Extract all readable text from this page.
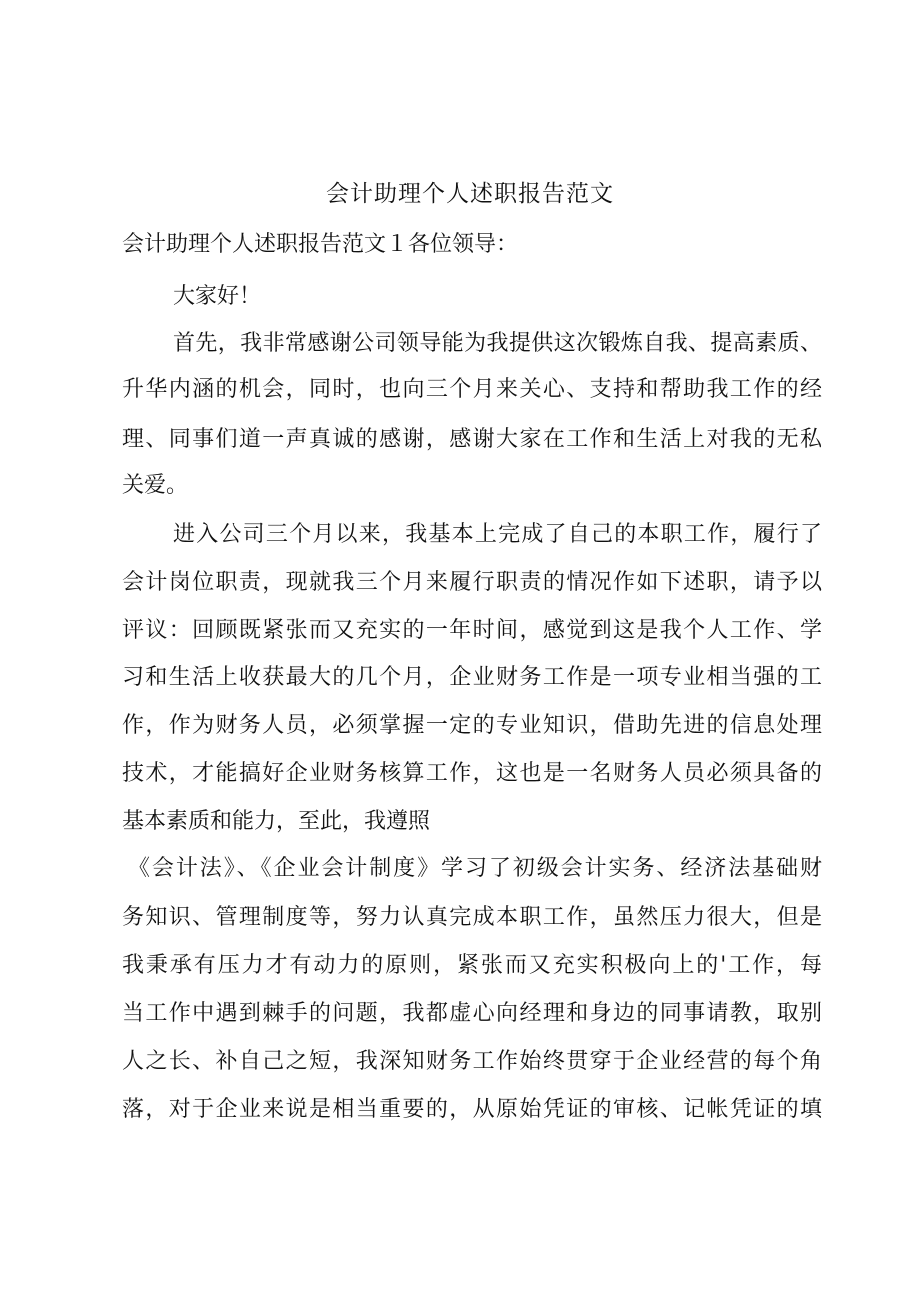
会计助理个人述职报告范文
会计助理个人述职报告范文１各位领导：
大家好！
首先，我非常感谢公司领导能为我提供这次锻炼自我、提高素质、
升华内涵的机会，同时，也向三个月来关心、支持和帮助我工作的经
理、同事们道一声真诚的感谢，感谢大家在工作和生活上对我的无私
关爱。
进入公司三个月以来，我基本上完成了自己的本职工作，履行了
会计岗位职责，现就我三个月来履行职责的情况作如下述职，请予以
评议：回顾既紧张而又充实的一年时间，感觉到这是我个人工作、学
习和生活上收获最大的几个月，企业财务工作是一项专业相当强的工
作，作为财务人员，必须掌握一定的专业知识，借助先进的信息处理
技术，才能搞好企业财务核算工作，这也是一名财务人员必须具备的
基本素质和能力，至此，我遵照
《会计法》、《企业会计制度》学习了初级会计实务、经济法基础财
务知识、管理制度等，努力认真完成本职工作，虽然压力很大，但是
我秉承有压力才有动力的原则，紧张而又充实积极向上的'工作，每
当工作中遇到棘手的问题，我都虚心向经理和身边的同事请教，取别
人之长、补自己之短，我深知财务工作始终贯穿于企业经营的每个角
落，对于企业来说是相当重要的，从原始凭证的审核、记帐凭证的填
